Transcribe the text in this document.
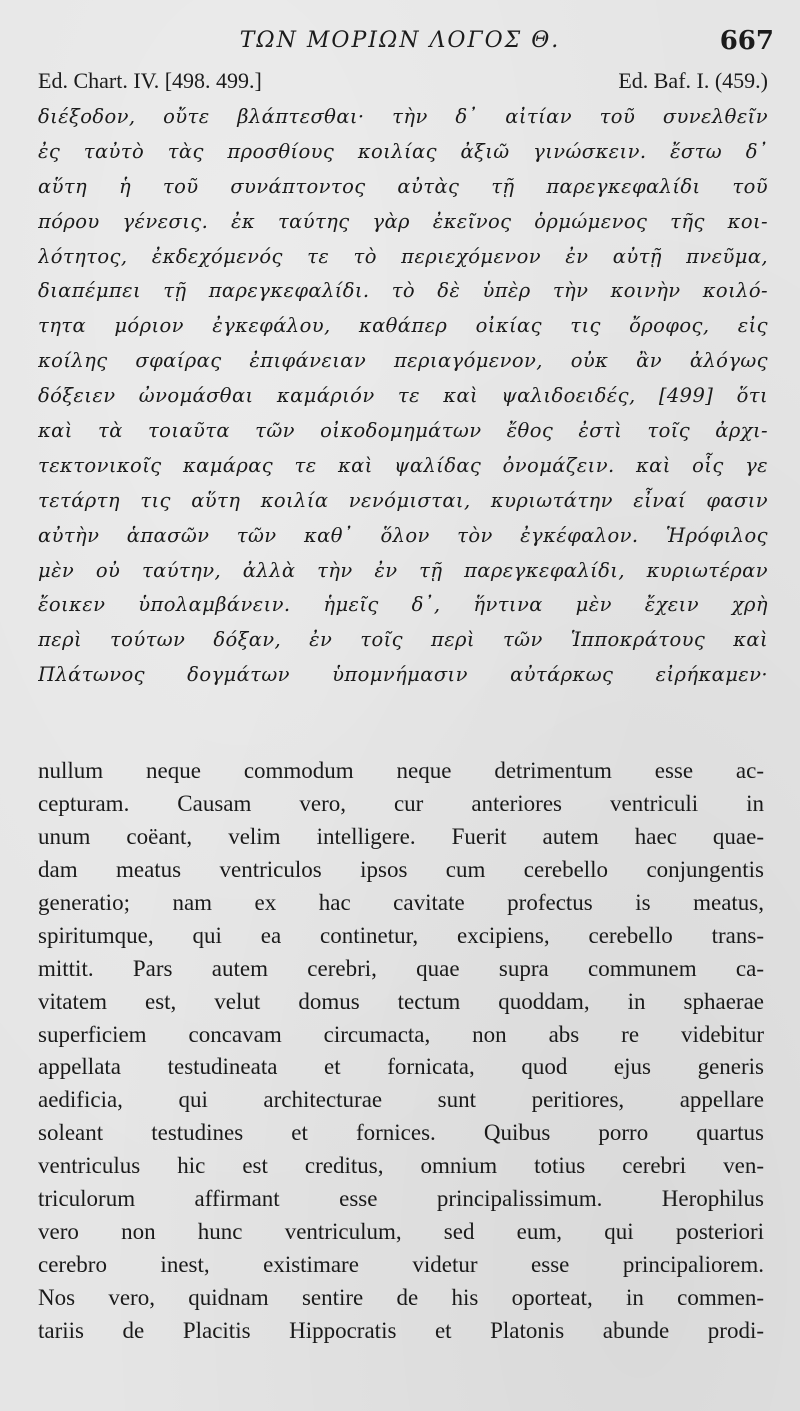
ΤΩΝ ΜΟΡΙΩΝ ΛΟΓΟΣ Θ.	667
Ed. Chart. IV. [498. 499.]	Ed. Baf. I. (459.)
διέξοδον, οὔτε βλάπτεσθαι· τὴν δ᾿ αἰτίαν τοῦ συνελθεῖν
ἐς ταὐτὸ τὰς προσθίους κοιλίας ἀξιῶ γινώσκειν. ἔστω δ᾿
αὕτη ἡ τοῦ συνάπτοντος αὐτὰς τῇ παρεγκεφαλίδι τοῦ
πόρου γένεσις. ἐκ ταύτης γὰρ ἐκεῖνος ὁρμώμενος τῆς κοι-
λότητος, ἐκδεχόμενός τε τὸ περιεχόμενον ἐν αὐτῇ πνεῦμα,
διαπέμπει τῇ παρεγκεφαλίδι. τὸ δὲ ὑπὲρ τὴν κοινὴν κοιλό-
τητα μόριον ἐγκεφάλου, καθάπερ οἰκίας τις ὄροφος, εἰς
κοίλης σφαίρας ἐπιφάνειαν περιαγόμενον, οὐκ ἂν ἀλόγως
δόξειεν ὠνομάσθαι καμάριόν τε καὶ ψαλιδοειδές, [499] ὅτι
καὶ τὰ τοιαῦτα τῶν οἰκοδομημάτων ἔθος ἐστὶ τοῖς ἀρχι-
τεκτονικοῖς καμάρας τε καὶ ψαλίδας ὀνομάζειν. καὶ οἷς γε
τετάρτη τις αὕτη κοιλία νενόμισται, κυριωτάτην εἶναί φασιν
αὐτὴν ἁπασῶν τῶν καθ᾿ ὅλον τὸν ἐγκέφαλον. Ἡρόφιλος
μὲν οὐ ταύτην, ἀλλὰ τὴν ἐν τῇ παρεγκεφαλίδι, κυριωτέραν
ἔοικεν ὑπολαμβάνειν. ἡμεῖς δ᾿, ἥντινα μὲν ἔχειν χρὴ
περὶ τούτων δόξαν, ἐν τοῖς περὶ τῶν Ἱπποκράτους καὶ
Πλάτωνος δογμάτων ὑπομνήμασιν αὐτάρκως εἰρήκαμεν·
nullum neque commodum neque detrimentum esse ac-
cepturam. Causam vero, cur anteriores ventriculi in
unum coëant, velim intelligere. Fuerit autem haec quae-
dam meatus ventriculos ipsos cum cerebello conjungentis
generatio; nam ex hac cavitate profectus is meatus,
spiritumque, qui ea continetur, excipiens, cerebello trans-
mittit. Pars autem cerebri, quae supra communem ca-
vitatem est, velut domus tectum quoddam, in sphaerae
superficiem concavam circumacta, non abs re videbitur
appellata testudineata et fornicata, quod ejus generis
aedificia, qui architecturae sunt peritiores, appellare
soleant testudines et fornices. Quibus porro quartus
ventriculus hic est creditus, omnium totius cerebri ven-
triculorum affirmant esse principalissimum. Herophilus
vero non hunc ventriculum, sed eum, qui posteriori
cerebro inest, existimare videtur esse principaliorem.
Nos vero, quidnam sentire de his oporteat, in commen-
tariis de Placitis Hippocratis et Platonis abunde prodi-
